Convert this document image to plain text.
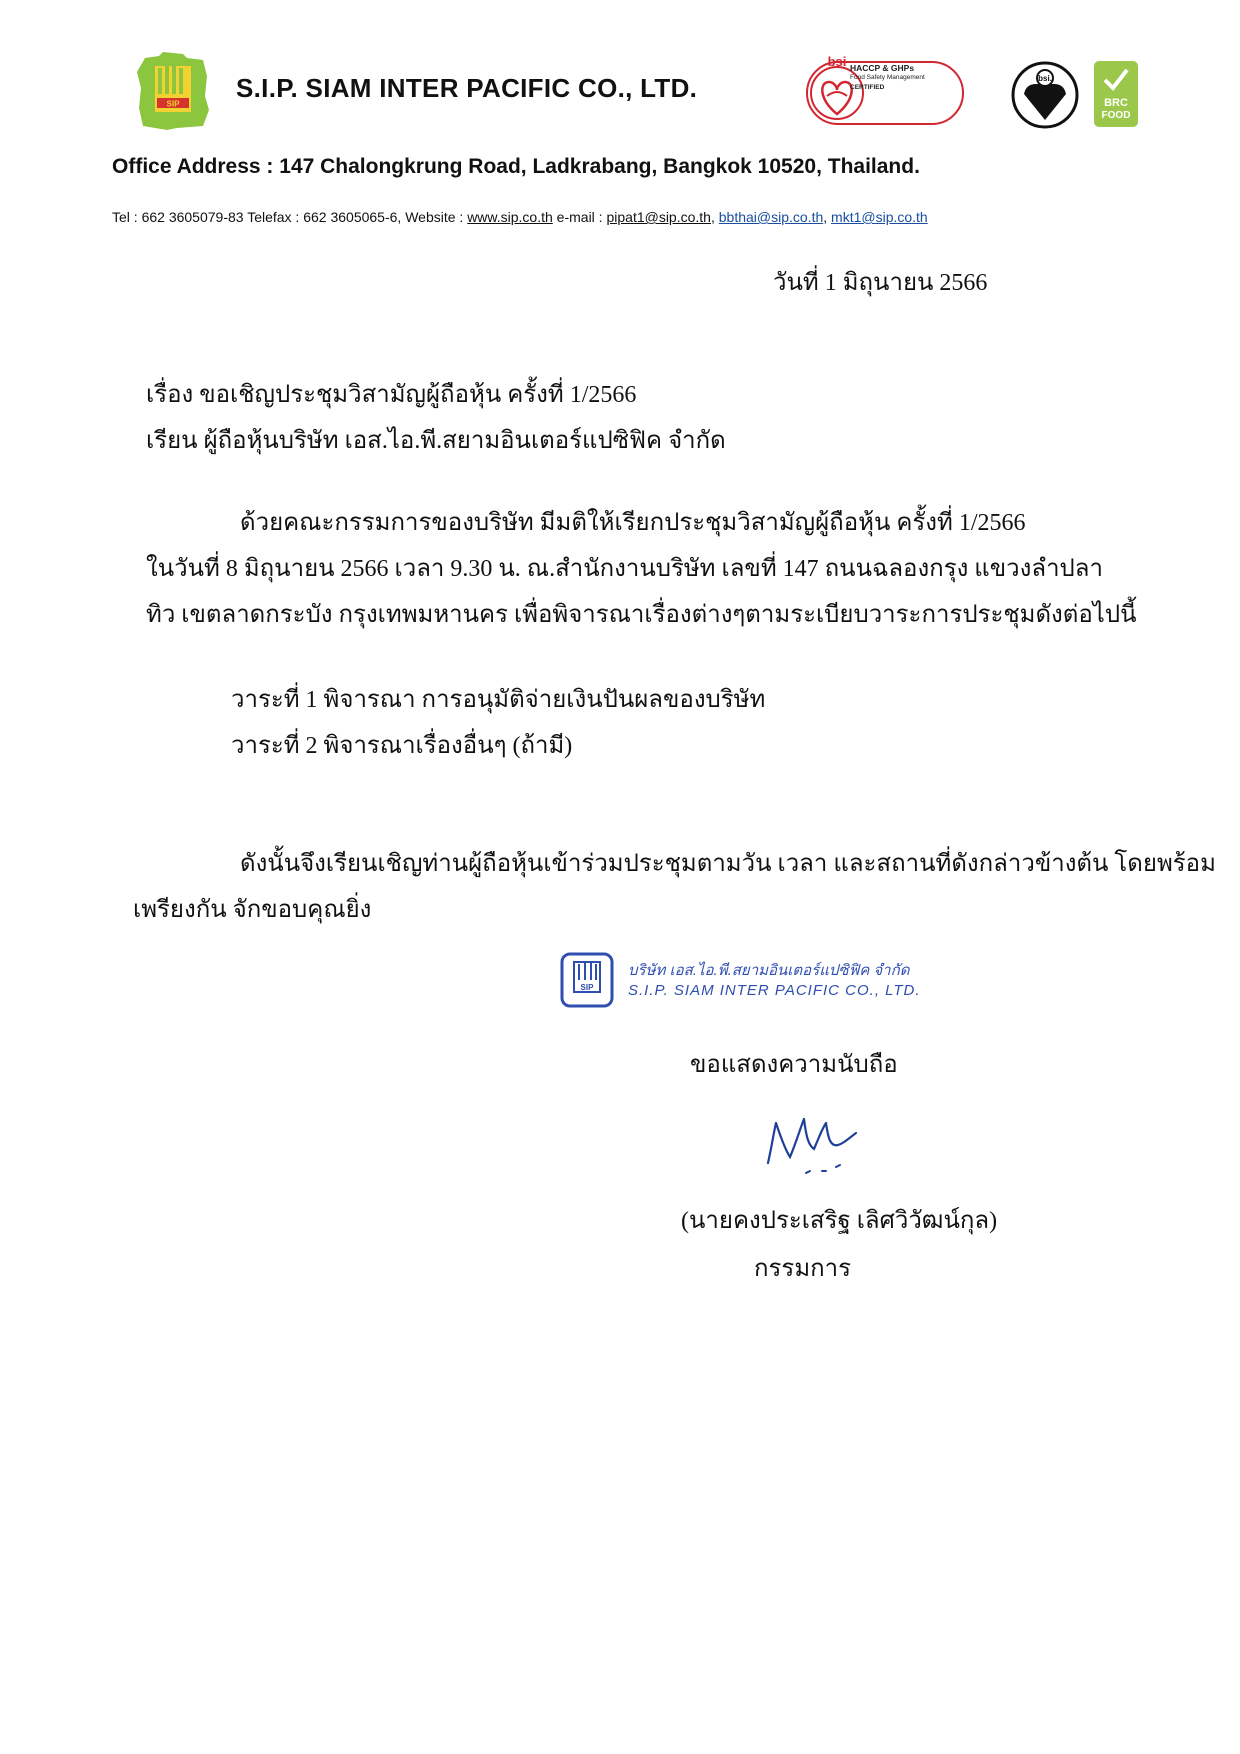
SIP
S.I.P. SIAM INTER PACIFIC CO., LTD.
bsi HACCP & GHPs
Food Safety Management
CERTIFIED
bsi.
BRC
FOOD
Office Address : 147 Chalongkrung Road, Ladkrabang, Bangkok 10520, Thailand.
Tel : 662 3605079-83 Telefax : 662 3605065-6, Website : www.sip.co.th e-mail : pipat1@sip.co.th, bbthai@sip.co.th, mkt1@sip.co.th
วันที่ 1 มิถุนายน 2566
เรื่อง ขอเชิญประชุมวิสามัญผู้ถือหุ้น ครั้งที่ 1/2566
เรียน ผู้ถือหุ้นบริษัท เอส.ไอ.พี.สยามอินเตอร์แปซิฟิค จำกัด
ด้วยคณะกรรมการของบริษัท มีมติให้เรียกประชุมวิสามัญผู้ถือหุ้น ครั้งที่ 1/2566
ในวันที่ 8 มิถุนายน 2566 เวลา 9.30 น. ณ.สำนักงานบริษัท เลขที่ 147 ถนนฉลองกรุง แขวงลำปลา
ทิว เขตลาดกระบัง กรุงเทพมหานคร เพื่อพิจารณาเรื่องต่างๆตามระเบียบวาระการประชุมดังต่อไปนี้
วาระที่ 1 พิจารณา การอนุมัติจ่ายเงินปันผลของบริษัท
วาระที่ 2 พิจารณาเรื่องอื่นๆ (ถ้ามี)
ดังนั้นจึงเรียนเชิญท่านผู้ถือหุ้นเข้าร่วมประชุมตามวัน เวลา และสถานที่ดังกล่าวข้างต้น โดยพร้อม
เพรียงกัน จักขอบคุณยิ่ง
SIP
บริษัท เอส.ไอ.พี.สยามอินเตอร์แปซิฟิค จำกัด
S.I.P. SIAM INTER PACIFIC CO., LTD.
ขอแสดงความนับถือ
(นายคงประเสริฐ เลิศวิวัฒน์กุล)
กรรมการ
